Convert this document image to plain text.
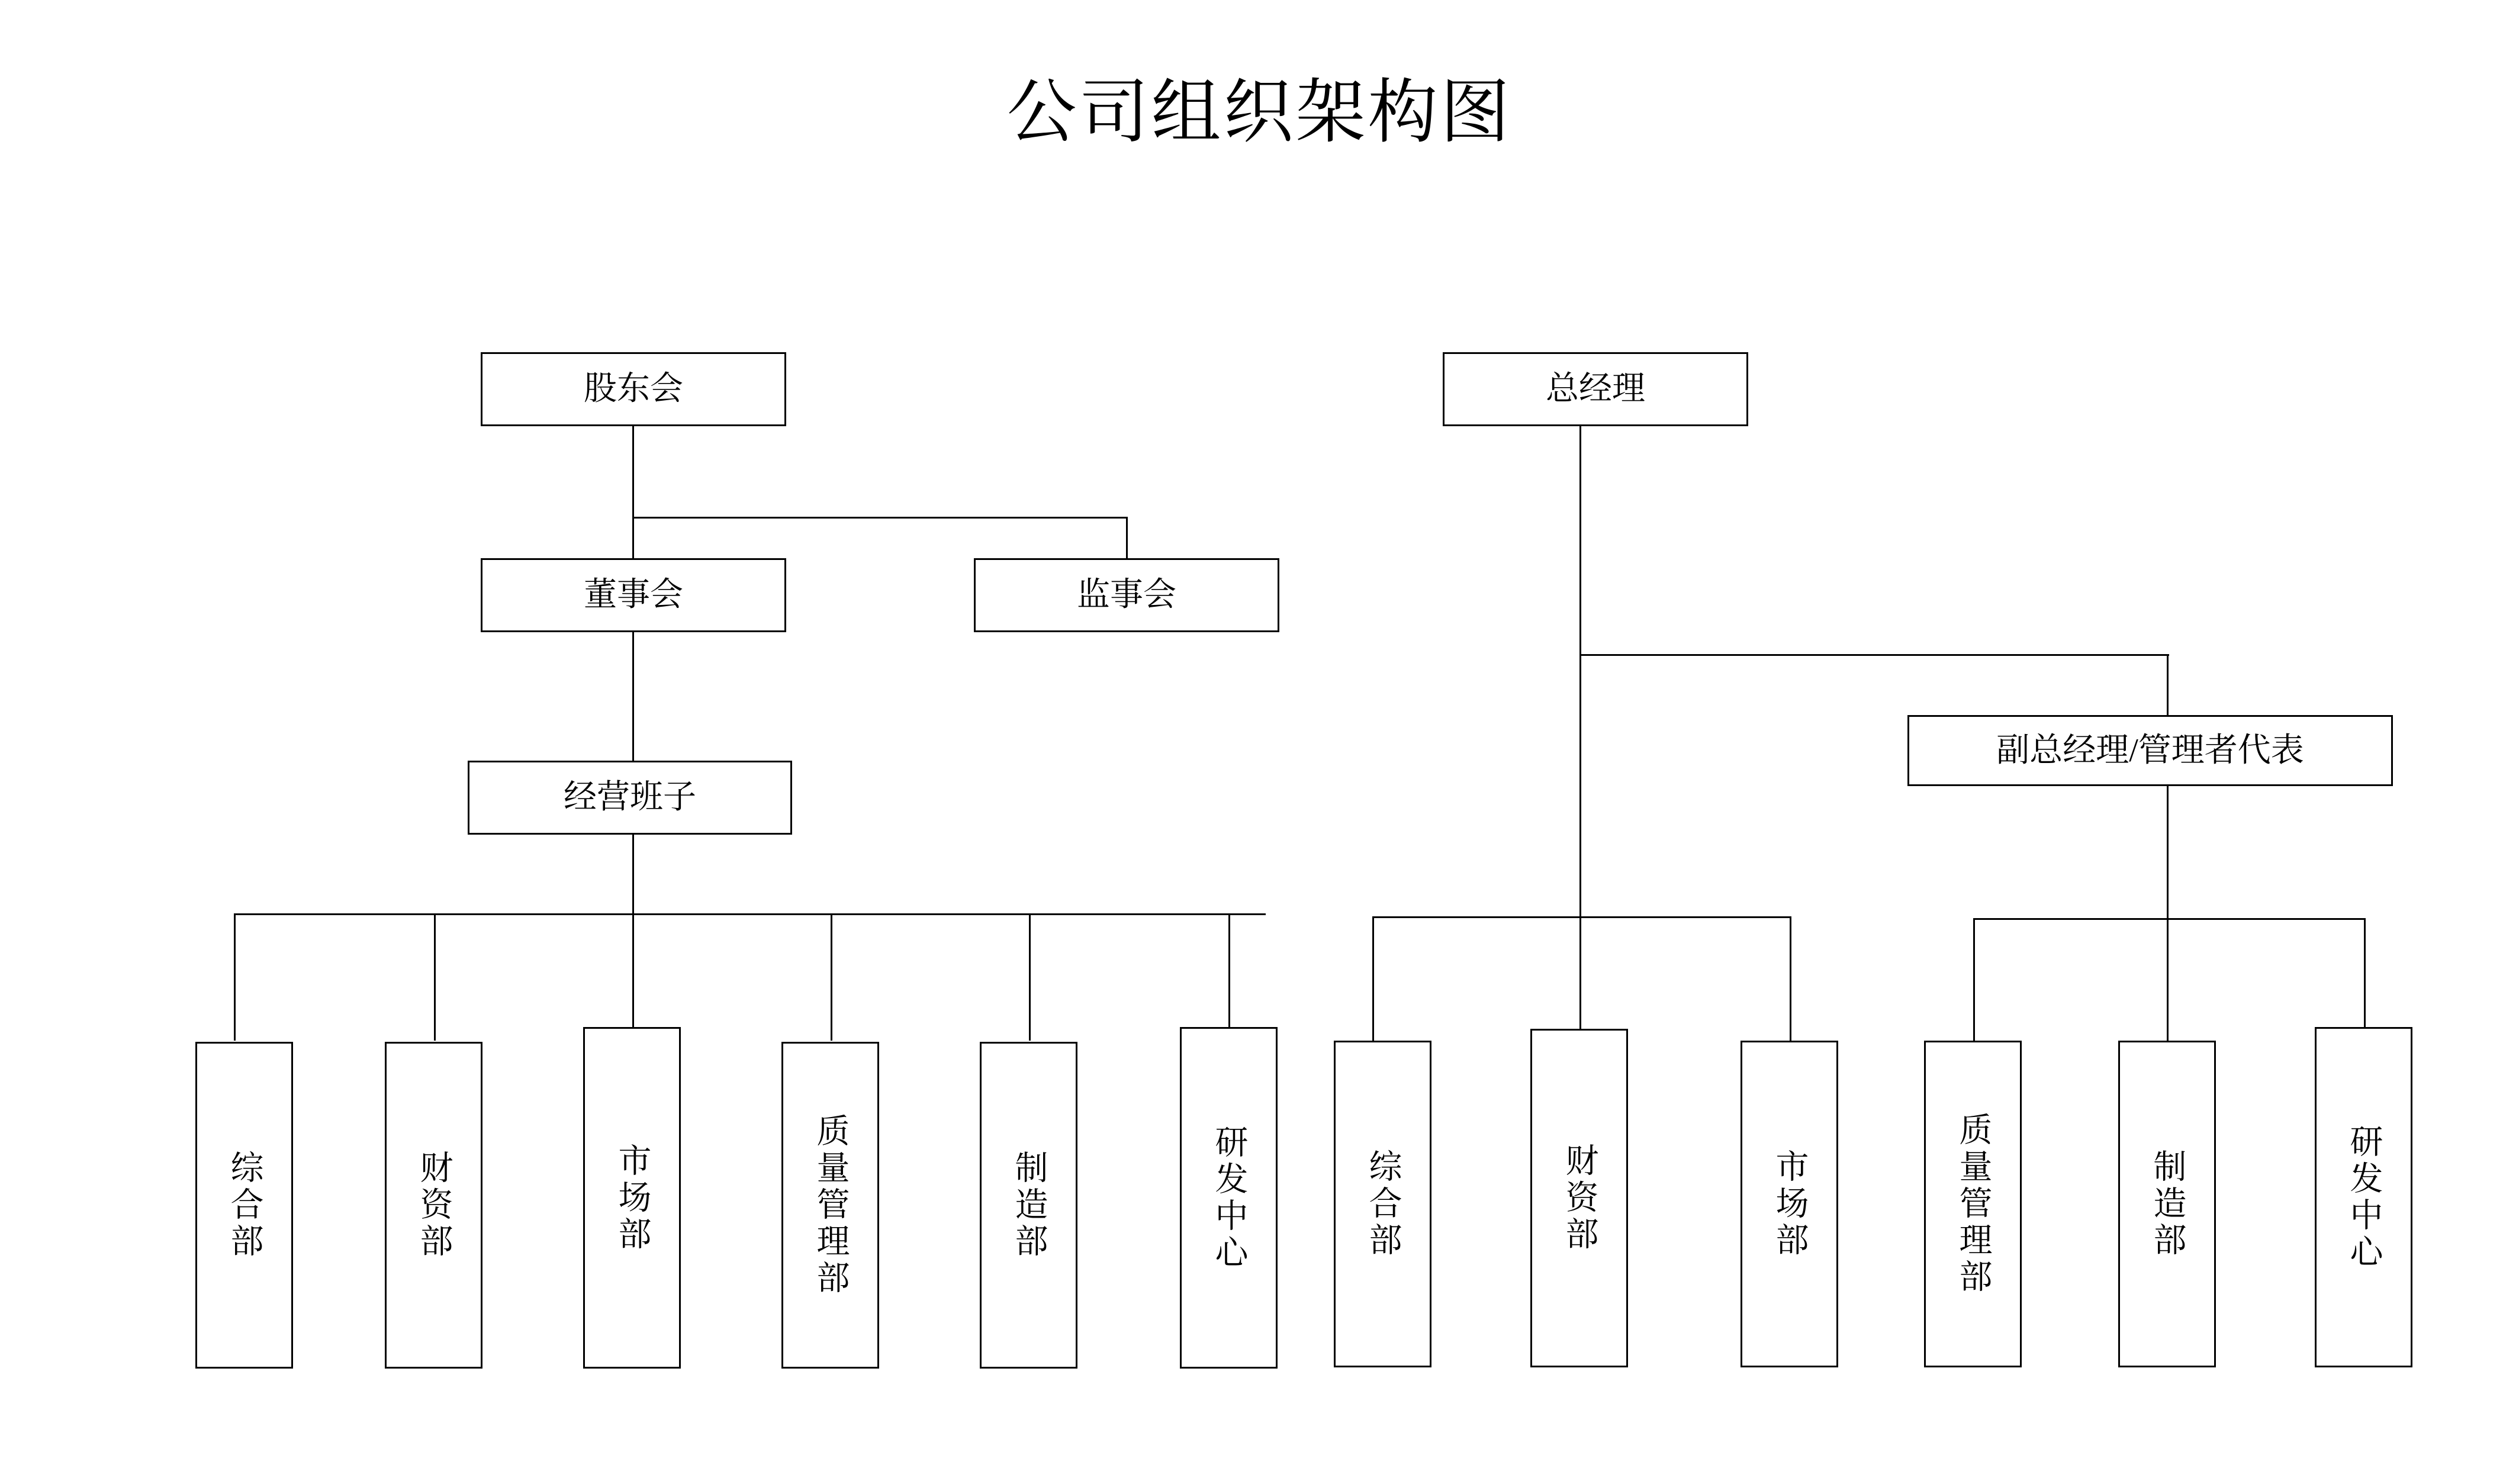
公司组织架构图
股东会
董事会	监事会
经营班子
综合部	财资部	市场部	质量管理部	制造部	研发中心
总经理
副总经理/管理者代表
综合部	财资部	市场部	质量管理部	制造部	研发中心
